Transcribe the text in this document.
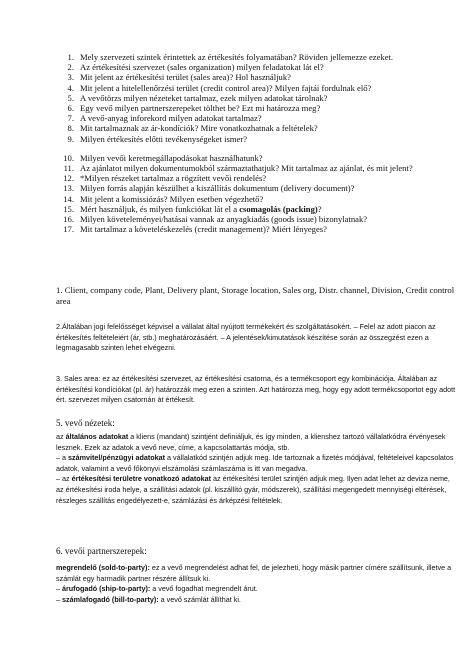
1. Mely szervezeti szintek érintettek az értékesítés folyamatában? Röviden jellemezze ezeket.
2. Az értékesítési szervezet (sales organization) milyen feladatokat lát el?
3. Mit jelent az értékesítési terület (sales area)? Hol használjuk?
4. Mit jelent a hitelellenőrzési terület (credit control area)? Milyen fajtái fordulnak elő?
5. A vevőtörzs milyen nézeteket tartalmaz, ezek milyen adatokat tárolnak?
6. Egy vevő milyen partnerszerepeket tölthet be? Ezt mi határozza meg?
7. A vevő-anyag inforekord milyen adatokat tartalmaz?
8. Mit tartalmaznak az ár-kondíciók? Mire vonatkozhatnak a feltételek?
9. Milyen értékesítés előtti tevékenységeket ismer?
10. Milyen vevői keretmegállapodásokat használhatunk?
11. Az ajánlatot milyen dokumentumokból származtathatjuk? Mit tartalmaz az ajánlat, és mit jelent?
12. *Milyen részeket tartalmaz a rögzített vevői rendelés?
13. Milyen forrás alapján készülhet a kiszállítás dokumentum (delivery document)?
14. Mit jelent a komissiózás? Milyen esetben végezhető?
15. Mért használjuk, és milyen funkciókat lát el a csomagolás (packing)?
16. Milyen követeleményei/hatásai vannak az anyagkiadás (goods issue) bizonylatnak?
17. Mit tartalmaz a követeléskezelés (credit management)? Miért lényeges?
1. Client, company code, Plant, Delivery plant, Storage location, Sales org, Distr. channel, Division, Credit control area
2.Általában jogi felelősséget képvisel a vállalat által nyújtott termékekért és szolgáltatásokért. – Felel az adott piacon az értékesítés feltételeiért (ár, stb.) meghatározásáért. – A jelentések/kimutatások készítése során az összegzést ezen a legmagasabb szinten lehet elvégezni.
3. Sales area: ez az értékesítési szervezet, az értékesítési csatorna, és a termékcsoport egy kombinációja. Általában az értékesítési kondíciókat (pl. ár) határozzák meg ezen a szinten. Azt határozza meg, hogy egy adott termékcsoportot egy adott ért. szervezet milyen csatornán át értékesít.
5. vevő nézetek:
az általános adatokat a kliens (mandant) szintjént definiáljuk, és így minden, a klienshez tartozó vállalatkódra érvényesek lesznek. Ezek az adatok a vevő neve, címe, a kapcsolattartás módja, stb.
– a számvitel/pénzügyi adatokat a vállalatkód szintjén adjuk meg. Ide tartoznak a fizetés módjával, feltételeivel kapcsolatos adatok, valamint a vevő főkönyvi elszámolási számlaszáma is itt van megadva.
– az értékesítési területre vonatkozó adatokat az értékesítési terület szintjén adjuk meg. Ilyen adat lehet az deviza neme, az értékesítési iroda helye, a szállítási adatok (pl. kiszállító gyár, módszerek), szállítási megengedett mennyiségi eltérések, részleges szállítás engedélyezett-e, számlázási és árképzési feltételek.
6. vevői partnerszerepek:
megrendelő (sold-to-party): ez a vevő megrendelést adhat fel, de jelezheti, hogy másik partner címére szállítsunk, illetve a számlát egy harmadik partner részére állítsuk ki.
– árufogadó (ship-to-party): a vevő fogadhat megrendelt árut.
– számlafogadó (bill-to-party): a vevő számlát állíthat ki.
